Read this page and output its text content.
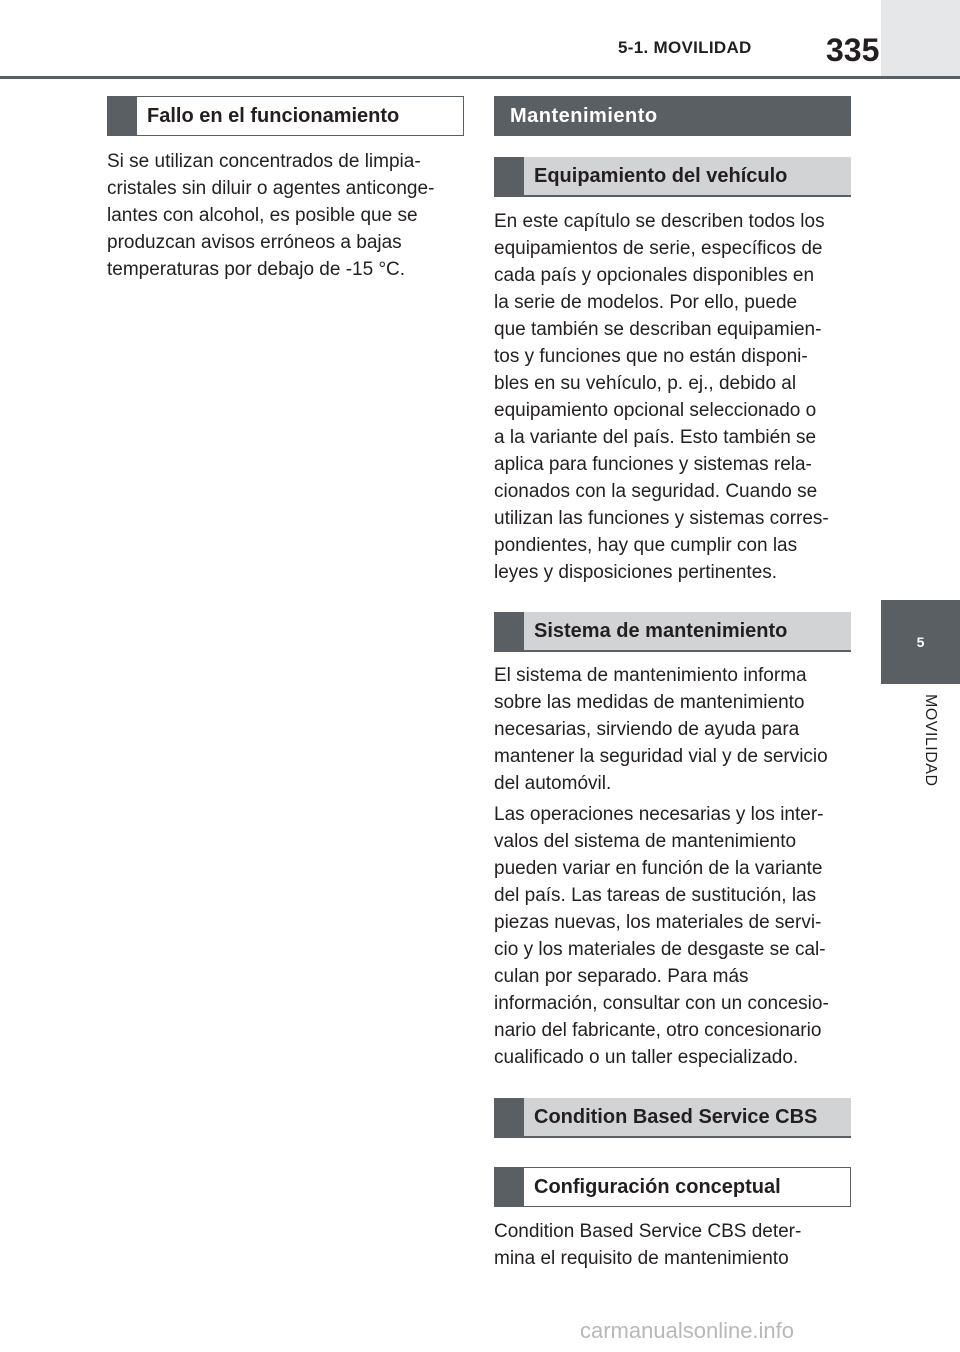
5-1. MOVILIDAD 335
5
MOVILIDAD
Fallo en el funcionamiento

Si se utilizan concentrados de limpia-
cristales sin diluir o agentes anticonge-
lantes con alcohol, es posible que se
produzcan avisos erróneos a bajas
temperaturas por debajo de -15 °C.

Mantenimiento
Equipamiento del vehículo

En este capítulo se describen todos los
equipamientos de serie, específicos de
cada país y opcionales disponibles en
la serie de modelos. Por ello, puede
que también se describan equipamien-
tos y funciones que no están disponi-
bles en su vehículo, p. ej., debido al
equipamiento opcional seleccionado o
a la variante del país. Esto también se
aplica para funciones y sistemas rela-
cionados con la seguridad. Cuando se
utilizan las funciones y sistemas corres-
pondientes, hay que cumplir con las
leyes y disposiciones pertinentes.

Sistema de mantenimiento

El sistema de mantenimiento informa
sobre las medidas de mantenimiento
necesarias, sirviendo de ayuda para
mantener la seguridad vial y de servicio
del automóvil.

Las operaciones necesarias y los inter-
valos del sistema de mantenimiento
pueden variar en función de la variante
del país. Las tareas de sustitución, las
piezas nuevas, los materiales de servi-
cio y los materiales de desgaste se cal-
culan por separado. Para más
información, consultar con un concesio-
nario del fabricante, otro concesionario
cualificado o un taller especializado.

Condition Based Service CBS
Configuración conceptual

Condition Based Service CBS deter-
mina el requisito de mantenimiento

carmanualsonline.info
